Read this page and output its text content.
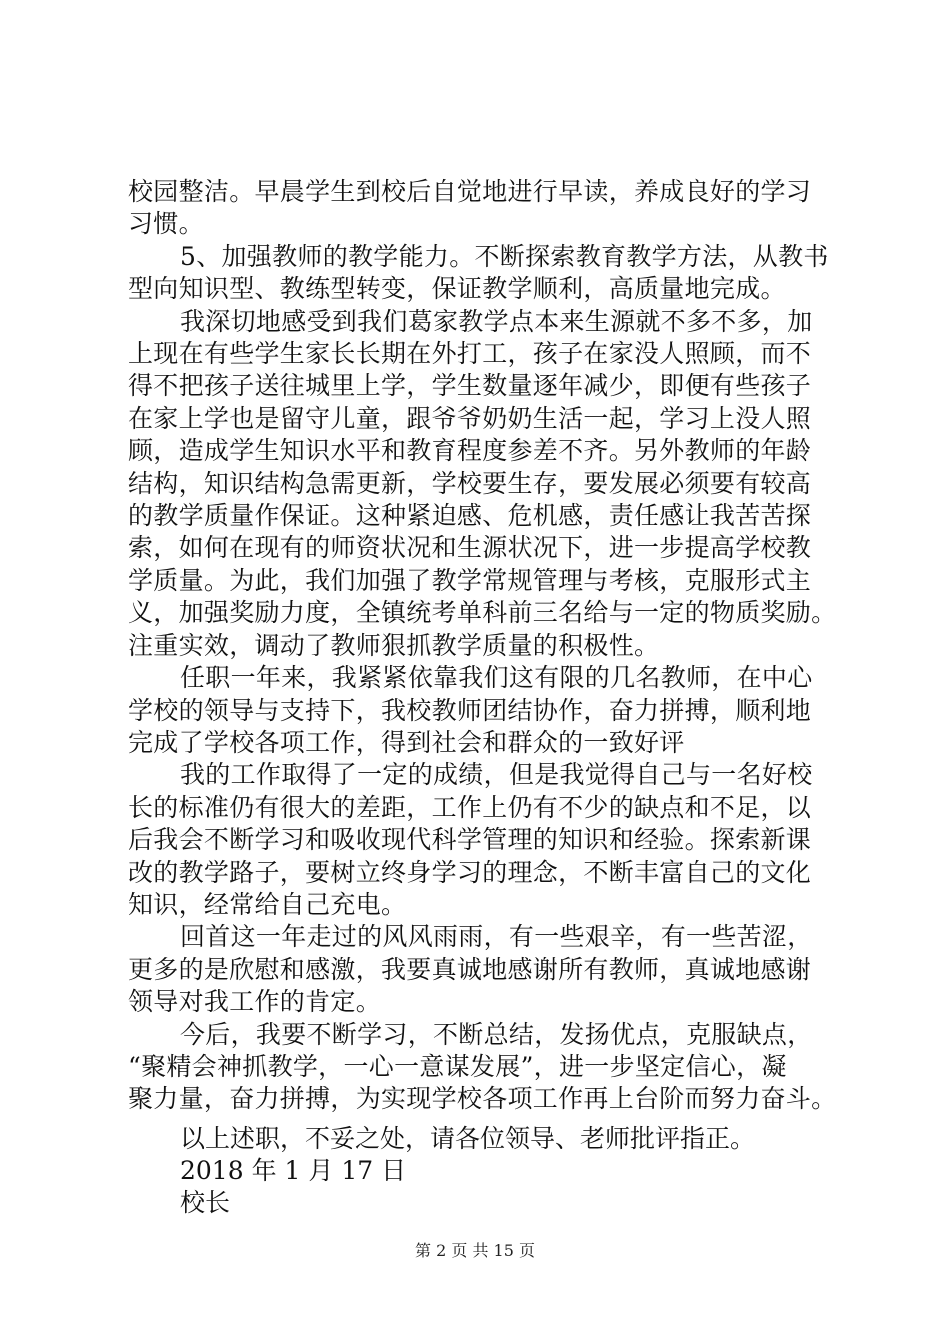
校园整洁。早晨学生到校后自觉地进行早读，养成良好的学习
习惯。
5、加强教师的教学能力。不断探索教育教学方法，从教书
型向知识型、教练型转变，保证教学顺利，高质量地完成。
我深切地感受到我们葛家教学点本来生源就不多不多，加
上现在有些学生家长长期在外打工，孩子在家没人照顾，而不
得不把孩子送往城里上学，学生数量逐年减少，即便有些孩子
在家上学也是留守儿童，跟爷爷奶奶生活一起，学习上没人照
顾，造成学生知识水平和教育程度参差不齐。另外教师的年龄
结构，知识结构急需更新，学校要生存，要发展必须要有较高
的教学质量作保证。这种紧迫感、危机感，责任感让我苦苦探
索，如何在现有的师资状况和生源状况下，进一步提高学校教
学质量。为此，我们加强了教学常规管理与考核，克服形式主
义，加强奖励力度，全镇统考单科前三名给与一定的物质奖励。
注重实效，调动了教师狠抓教学质量的积极性。
任职一年来，我紧紧依靠我们这有限的几名教师，在中心
学校的领导与支持下，我校教师团结协作，奋力拼搏，顺利地
完成了学校各项工作，得到社会和群众的一致好评
我的工作取得了一定的成绩，但是我觉得自己与一名好校
长的标准仍有很大的差距，工作上仍有不少的缺点和不足，以
后我会不断学习和吸收现代科学管理的知识和经验。探索新课
改的教学路子，要树立终身学习的理念，不断丰富自己的文化
知识，经常给自己充电。
回首这一年走过的风风雨雨，有一些艰辛，有一些苦涩，
更多的是欣慰和感激，我要真诚地感谢所有教师，真诚地感谢
领导对我工作的肯定。
今后，我要不断学习，不断总结，发扬优点，克服缺点，
“聚精会神抓教学，一心一意谋发展”，进一步坚定信心，凝
聚力量，奋力拼搏，为实现学校各项工作再上台阶而努力奋斗。
以上述职，不妥之处，请各位领导、老师批评指正。
2018 年 1 月 17 日
校长
第 2 页 共 15 页
